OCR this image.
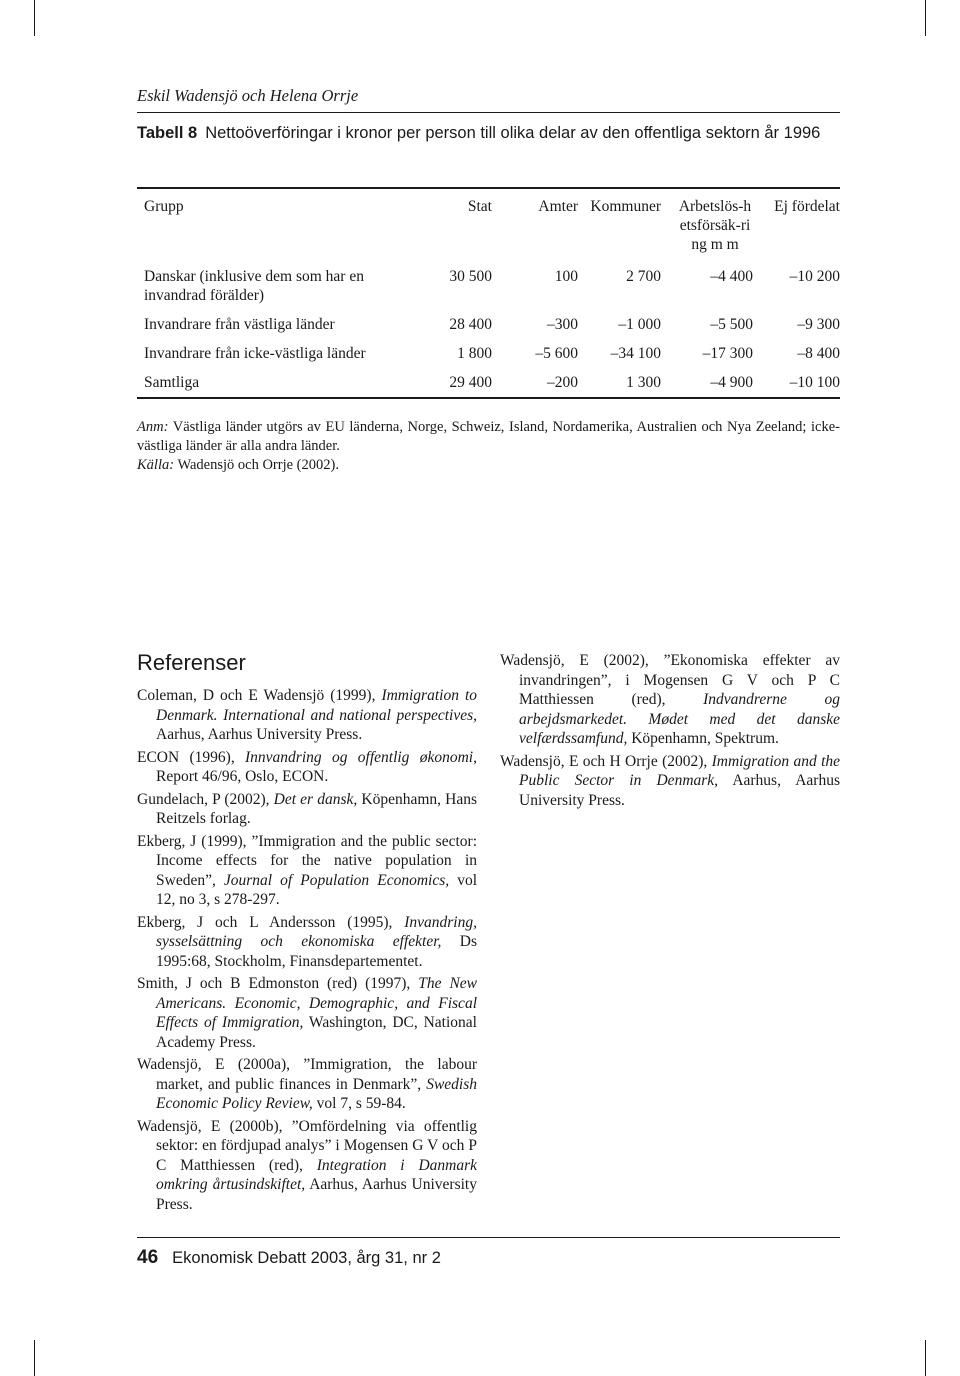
Eskil Wadensjö och Helena Orrje
Tabell 8 Nettoöverföringar i kronor per person till olika delar av den offentliga sektorn år 1996
Grupp	Stat	Amter	Kommuner	Arbetslös-hetsförsäk-ring m m	Ej fördelat

Danskar (inklusive dem som har en invandrad förälder)	30 500	100	2 700	–4 400	–10 200
Invandrare från västliga länder	28 400	–300	–1 000	–5 500	–9 300
Invandrare från icke-västliga länder	1 800	–5 600	–34 100	–17 300	–8 400
Samtliga	29 400	–200	1 300	–4 900	–10 100
Anm: Västliga länder utgörs av EU länderna, Norge, Schweiz, Island, Nordamerika, Australien och Nya Zeeland; icke-västliga länder är alla andra länder.
Källa: Wadensjö och Orrje (2002).
Referenser
Coleman, D och E Wadensjö (1999), Immigration to Denmark. International and national perspectives, Aarhus, Aarhus University Press.
ECON (1996), Innvandring og offentlig økonomi, Report 46/96, Oslo, ECON.
Gundelach, P (2002), Det er dansk, Köpenhamn, Hans Reitzels forlag.
Ekberg, J (1999), ”Immigration and the public sector: Income effects for the native population in Sweden”, Journal of Population Economics, vol 12, no 3, s 278-297.
Ekberg, J och L Andersson (1995), Invandring, sysselsättning och ekonomiska effekter, Ds 1995:68, Stockholm, Finansdepartementet.
Smith, J och B Edmonston (red) (1997), The New Americans. Economic, Demographic, and Fiscal Effects of Immigration, Washington, DC, National Academy Press.
Wadensjö, E (2000a), ”Immigration, the labour market, and public finances in Denmark”, Swedish Economic Policy Review, vol 7, s 59-84.
Wadensjö, E (2000b), ”Omfördelning via offentlig sektor: en fördjupad analys” i Mogensen G V och P C Matthiessen (red), Integration i Danmark omkring årtusindskiftet, Aarhus, Aarhus University Press.
Wadensjö, E (2002), ”Ekonomiska effekter av invandringen”, i Mogensen G V och P C Matthiessen (red), Indvandrerne og arbejdsmarkedet. Mødet med det danske velfærdssamfund, Köpenhamn, Spektrum.
Wadensjö, E och H Orrje (2002), Immigration and the Public Sector in Denmark, Aarhus, Aarhus University Press.
46 Ekonomisk Debatt 2003, årg 31, nr 2
